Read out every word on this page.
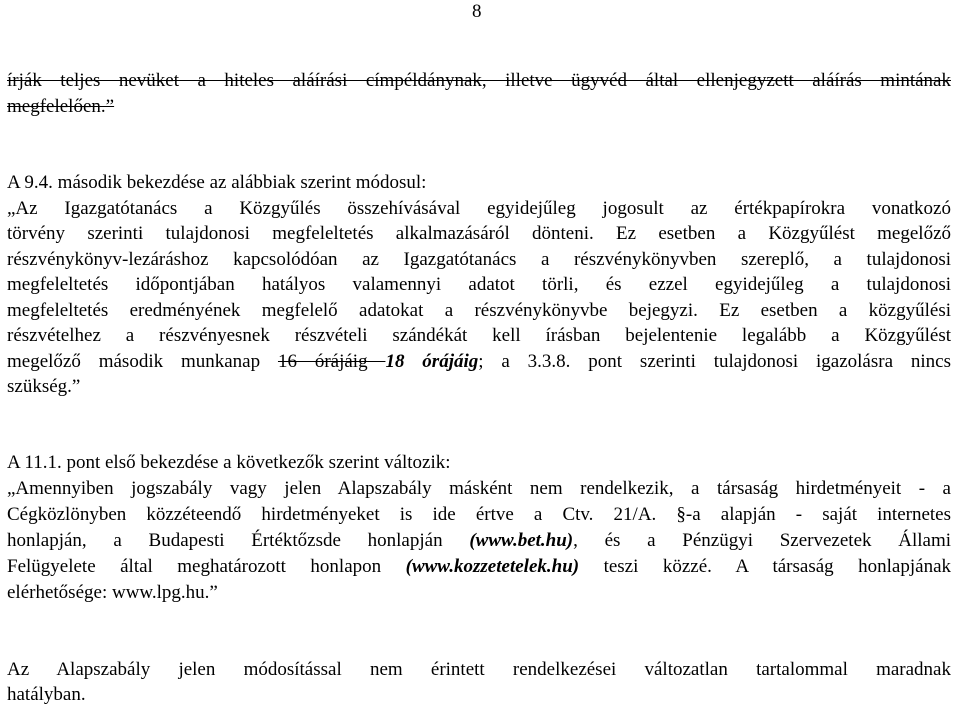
8
írják teljes nevüket a hiteles aláírási címpéldánynak, illetve ügyvéd által ellenjegyzett aláírás mintának
megfelelően.”
A 9.4. második bekezdése az alábbiak szerint módosul:
„Az Igazgatótanács a Közgyűlés összehívásával egyidejűleg jogosult az értékpapírokra vonatkozó
törvény szerinti tulajdonosi megfeleltetés alkalmazásáról dönteni. Ez esetben a Közgyűlést megelőző
részvénykönyv-lezáráshoz kapcsolódóan az Igazgatótanács a részvénykönyvben szereplő, a tulajdonosi
megfeleltetés időpontjában hatályos valamennyi adatot törli, és ezzel egyidejűleg a tulajdonosi
megfeleltetés eredményének megfelelő adatokat a részvénykönyvbe bejegyzi. Ez esetben a közgyűlési
részvételhez a részvényesnek részvételi szándékát kell írásban bejelentenie legalább a Közgyűlést
megelőző második munkanap 16 órájáig 18 órájáig; a 3.3.8. pont szerinti tulajdonosi igazolásra nincs
szükség.”
A 11.1. pont első bekezdése a következők szerint változik:
„Amennyiben jogszabály vagy jelen Alapszabály másként nem rendelkezik, a társaság hirdetményeit - a
Cégközlönyben közzéteendő hirdetményeket is ide értve a Ctv. 21/A. §-a alapján - saját internetes
honlapján, a Budapesti Értéktőzsde honlapján (www.bet.hu), és a Pénzügyi Szervezetek Állami
Felügyelete által meghatározott honlapon (www.kozzetetelek.hu) teszi közzé. A társaság honlapjának
elérhetősége: www.lpg.hu.”
Az Alapszabály jelen módosítással nem érintett rendelkezései változatlan tartalommal maradnak
hatályban.
